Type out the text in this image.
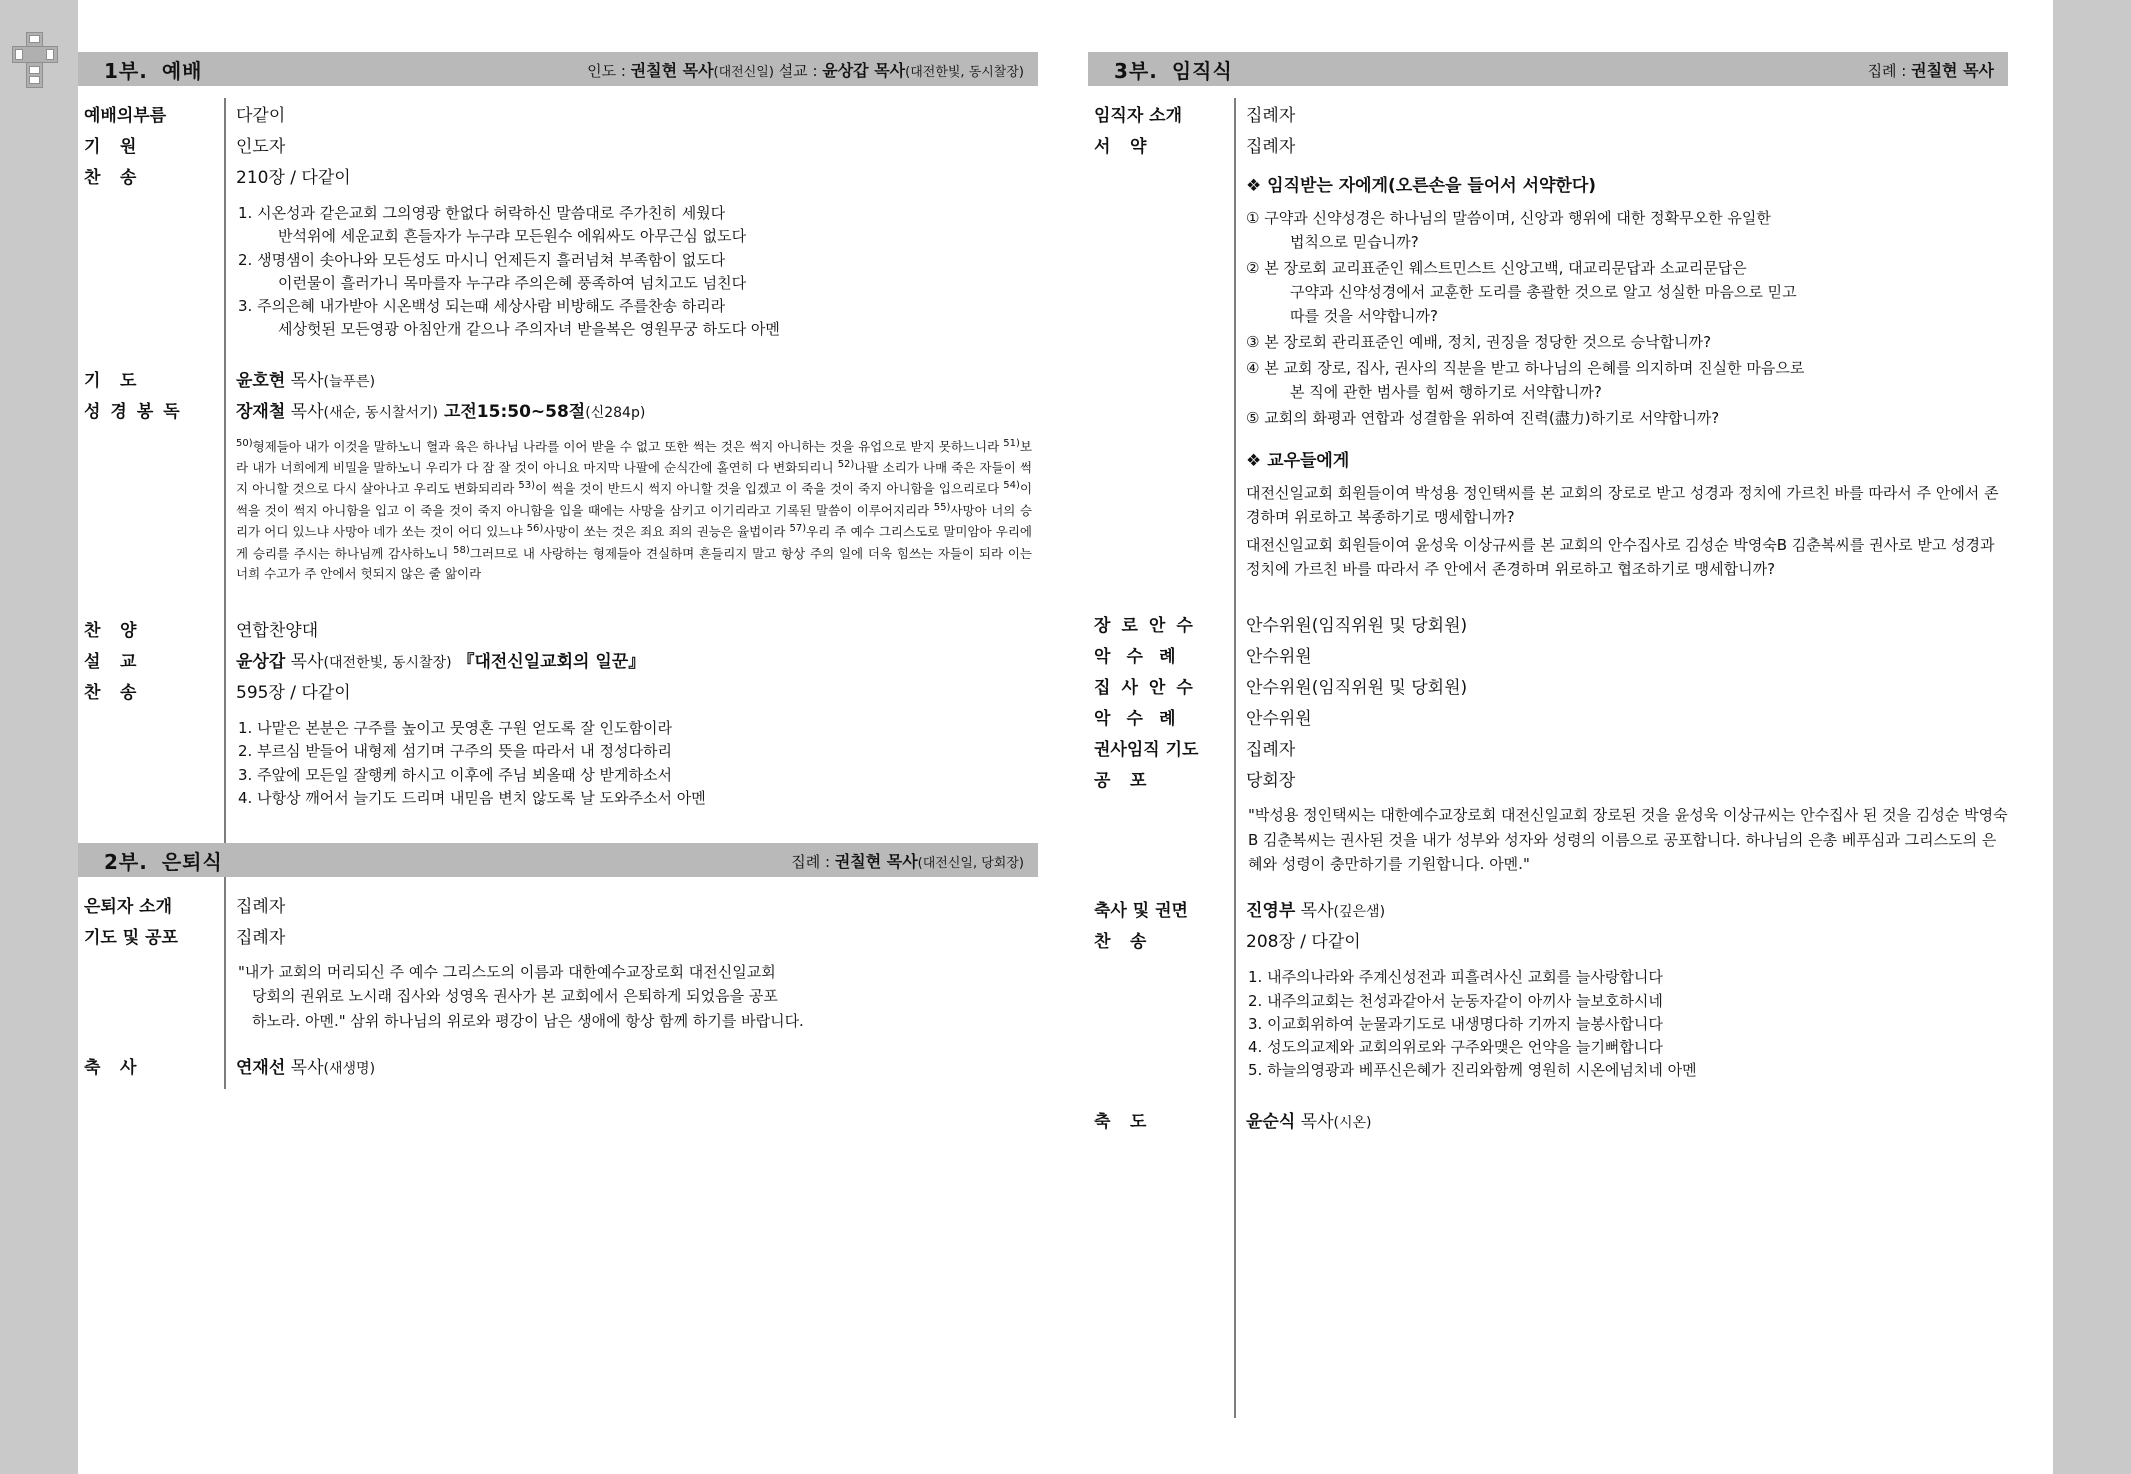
1부. 예배	인도 : 권칠현 목사(대전신일) 설교 : 윤상갑 목사(대전한빛, 동시찰장)
예배의부름	다같이
기 원	인도자
찬 송	210장 / 다같이
1. 시온성과 같은교회 그의영광 한없다 허락하신 말씀대로 주가친히 세웠다
반석위에 세운교회 흔들자가 누구랴 모든원수 에워싸도 아무근심 없도다
2. 생명샘이 솟아나와 모든성도 마시니 언제든지 흘러넘쳐 부족함이 없도다
이런물이 흘러가니 목마를자 누구랴 주의은혜 풍족하여 넘치고도 넘친다
3. 주의은혜 내가받아 시온백성 되는때 세상사람 비방해도 주를찬송 하리라
세상헛된 모든영광 아침안개 같으나 주의자녀 받을복은 영원무궁 하도다 아멘
기 도	윤호현 목사(늘푸른)
성 경 봉 독	장재철 목사(새순, 동시찰서기) 고전15:50~58절(신284p)
$^{50)}$형제들아 내가 이것을 말하노니 혈과 육은 하나님 나라를 이어 받을 수 없고 또한 썩는 것은 썩지 아니하는 것을 유업으로 받지 못하느니라 $^{51)}$보라 내가 너희에게 비밀을 말하노니 우리가 다 잠 잘 것이 아니요 마지막 나팔에 순식간에 홀연히 다 변화되리니 $^{52)}$나팔 소리가 나매 죽은 자들이 썩지 아니할 것으로 다시 살아나고 우리도 변화되리라 $^{53)}$이 썩을 것이 반드시 썩지 아니할 것을 입겠고 이 죽을 것이 죽지 아니함을 입으리로다 $^{54)}$이 썩을 것이 썩지 아니함을 입고 이 죽을 것이 죽지 아니함을 입을 때에는 사망을 삼키고 이기리라고 기록된 말씀이 이루어지리라 $^{55)}$사망아 너의 승리가 어디 있느냐 사망아 네가 쏘는 것이 어디 있느냐 $^{56)}$사망이 쏘는 것은 죄요 죄의 권능은 율법이라 $^{57)}$우리 주 예수 그리스도로 말미암아 우리에게 승리를 주시는 하나님께 감사하노니 $^{58)}$그러므로 내 사랑하는 형제들아 견실하며 흔들리지 말고 항상 주의 일에 더욱 힘쓰는 자들이 되라 이는 너희 수고가 주 안에서 헛되지 않은 줄 앎이라
찬 양	연합찬양대
설 교	윤상갑 목사(대전한빛, 동시찰장) 『대전신일교회의 일꾼』
찬 송	595장 / 다같이
1. 나맡은 본분은 구주를 높이고 뭇영혼 구원 얻도록 잘 인도함이라
2. 부르심 받들어 내형제 섬기며 구주의 뜻을 따라서 내 정성다하리
3. 주앞에 모든일 잘행케 하시고 이후에 주님 뵈올때 상 받게하소서
4. 나항상 깨어서 늘기도 드리며 내믿음 변치 않도록 날 도와주소서 아멘
2부. 은퇴식	집례 : 권칠현 목사(대전신일, 당회장)
은퇴자 소개	집례자
기도 및 공포	집례자
"내가 교회의 머리되신 주 예수 그리스도의 이름과 대한예수교장로회 대전신일교회
당회의 권위로 노시래 집사와 성영옥 권사가 본 교회에서 은퇴하게 되었음을 공포
하노라. 아멘." 삼위 하나님의 위로와 평강이 남은 생애에 항상 함께 하기를 바랍니다.
축 사	연재선 목사(새생명)
3부. 임직식	집례 : 권칠현 목사
임직자 소개	집례자
서 약	집례자
❖ 임직받는 자에게(오른손을 들어서 서약한다)
① 구약과 신약성경은 하나님의 말씀이며, 신앙과 행위에 대한 정확무오한 유일한
법칙으로 믿습니까?
② 본 장로회 교리표준인 웨스트민스트 신앙고백, 대교리문답과 소교리문답은
구약과 신약성경에서 교훈한 도리를 총괄한 것으로 알고 성실한 마음으로 믿고
따를 것을 서약합니까?
③ 본 장로회 관리표준인 예배, 정치, 권징을 정당한 것으로 승낙합니까?
④ 본 교회 장로, 집사, 권사의 직분을 받고 하나님의 은혜를 의지하며 진실한 마음으로
본 직에 관한 범사를 힘써 행하기로 서약합니까?
⑤ 교회의 화평과 연합과 성결함을 위하여 진력(盡力)하기로 서약합니까?
❖ 교우들에게

대전신일교회 회원들이여 박성용 정인택씨를 본 교회의 장로로 받고 성경과 정치에 가르친 바를 따라서 주 안에서 존경하며 위로하고 복종하기로 맹세합니까?

대전신일교회 회원들이여 윤성욱 이상규씨를 본 교회의 안수집사로 김성순 박영숙B 김춘복씨를 권사로 받고 성경과 정치에 가르친 바를 따라서 주 안에서 존경하며 위로하고 협조하기로 맹세합니까?

장 로 안 수	안수위원(임직위원 및 당회원)
악 수 례	안수위원
집 사 안 수	안수위원(임직위원 및 당회원)
악 수 례	안수위원
권사임직 기도	집례자
공 포	당회장
"박성용 정인택씨는 대한예수교장로회 대전신일교회 장로된 것을 윤성욱 이상규씨는 안수집사 된 것을 김성순 박영숙B 김춘복씨는 권사된 것을 내가 성부와 성자와 성령의 이름으로 공포합니다. 하나님의 은총 베푸심과 그리스도의 은혜와 성령이 충만하기를 기원합니다. 아멘."
축사 및 권면	진영부 목사(깊은샘)
찬 송	208장 / 다같이
1. 내주의나라와 주계신성전과 피흘려사신 교회를 늘사랑합니다
2. 내주의교회는 천성과같아서 눈동자같이 아끼사 늘보호하시네
3. 이교회위하여 눈물과기도로 내생명다하 기까지 늘봉사합니다
4. 성도의교제와 교회의위로와 구주와맺은 언약을 늘기뻐합니다
5. 하늘의영광과 베푸신은혜가 진리와함께 영원히 시온에넘치네 아멘
축 도	윤순식 목사(시온)
